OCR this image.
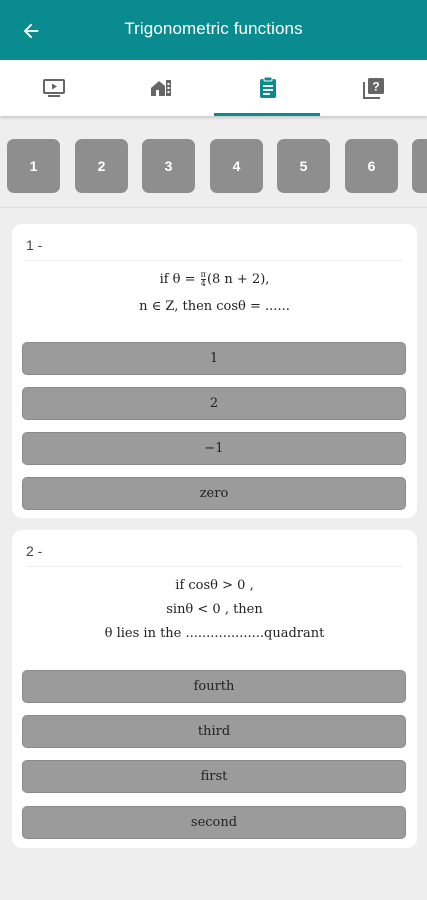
Trigonometric functions
?
1	2	3	4	5	6
1 -
if $\theta = \frac{\pi}{4} (8$ n + 2),
n ∈ Z, then cosθ = ......
1
2
−1
zero
2 -
if cosθ > 0 ,
sinθ < 0 , then
θ lies in the ...................quadrant
fourth
third
first
second
